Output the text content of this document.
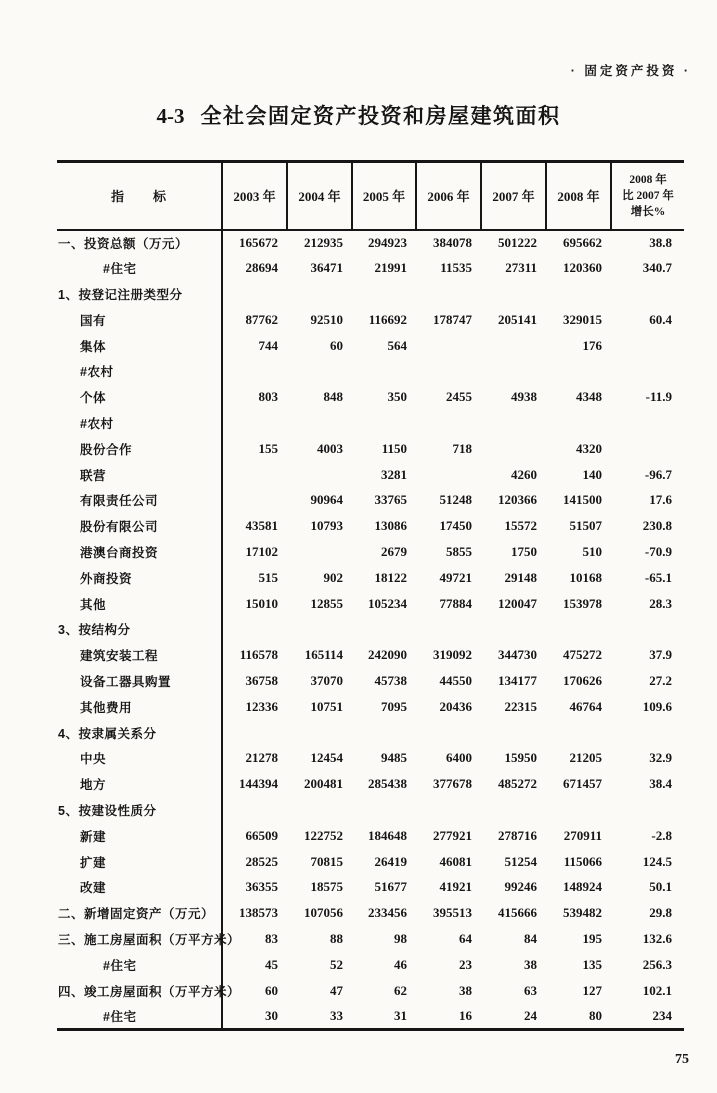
· 固定资产投资 ·
4-3 全社会固定资产投资和房屋建筑面积
指　　标	2003 年	2004 年	2005 年	2006 年	2007 年	2008 年	2008 年
比 2007 年
增长%

一、投资总额（万元）	165672	212935	294923	384078	501222	695662	38.8
#住宅	28694	36471	21991	11535	27311	120360	340.7
1、按登记注册类型分							
国有	87762	92510	116692	178747	205141	329015	60.4
集体	744	60	564			176	
#农村							
个体	803	848	350	2455	4938	4348	-11.9
#农村							
股份合作	155	4003	1150	718		4320	
联营			3281		4260	140	-96.7
有限责任公司		90964	33765	51248	120366	141500	17.6
股份有限公司	43581	10793	13086	17450	15572	51507	230.8
港澳台商投资	17102		2679	5855	1750	510	-70.9
外商投资	515	902	18122	49721	29148	10168	-65.1
其他	15010	12855	105234	77884	120047	153978	28.3
3、按结构分							
建筑安装工程	116578	165114	242090	319092	344730	475272	37.9
设备工器具购置	36758	37070	45738	44550	134177	170626	27.2
其他费用	12336	10751	7095	20436	22315	46764	109.6
4、按隶属关系分							
中央	21278	12454	9485	6400	15950	21205	32.9
地方	144394	200481	285438	377678	485272	671457	38.4
5、按建设性质分							
新建	66509	122752	184648	277921	278716	270911	-2.8
扩建	28525	70815	26419	46081	51254	115066	124.5
改建	36355	18575	51677	41921	99246	148924	50.1
二、新增固定资产（万元）	138573	107056	233456	395513	415666	539482	29.8
三、施工房屋面积（万平方米）	83	88	98	64	84	195	132.6
#住宅	45	52	46	23	38	135	256.3
四、竣工房屋面积（万平方米）	60	47	62	38	63	127	102.1
#住宅	30	33	31	16	24	80	234
75
